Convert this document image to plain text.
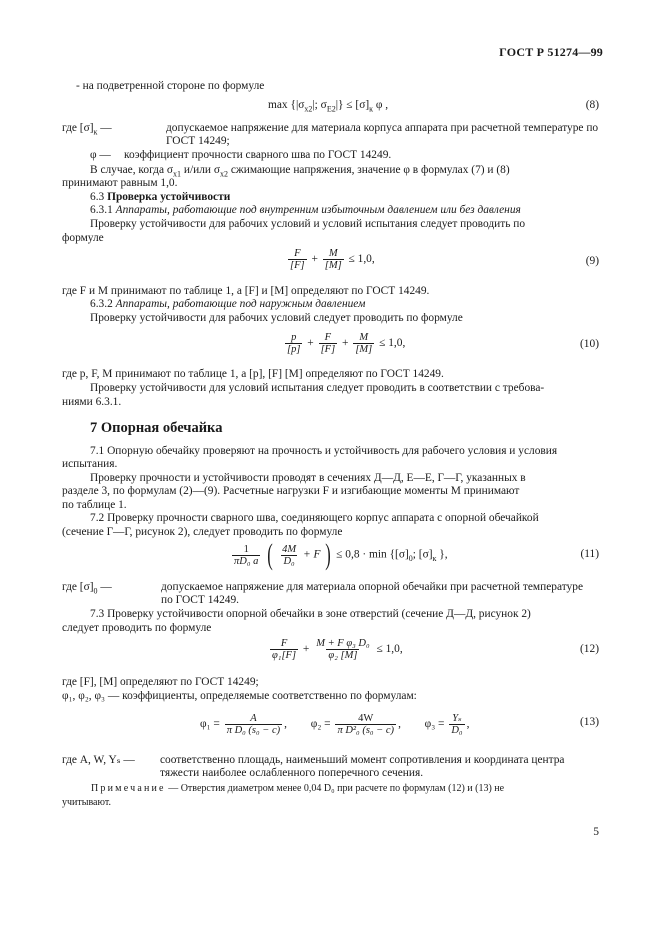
ГОСТ Р 51274—99
- на подветренной стороне по формуле
$\max \{|\sigma_{x2}|$; $\sigma_{E2}|\} \le [\sigma]_к$ φ ,	(8)
где $[\sigma]_к$ —	допускаемое напряжение для материала корпуса аппарата при расчетной температуре по
ГОСТ 14249;
φ — коэффициент прочности сварного шва по ГОСТ 14249.
В случае, когда $\sigma_{x1}$ и/или $\sigma_{x2}$ сжимающие напряжения, значение φ в формулах (7) и (8)
принимают равным 1,0.
6.3 Проверка устойчивости
6.3.1 Аппараты, работающие под внутренним избыточным давлением или без давления
Проверку устойчивости для рабочих условий и условий испытания следует проводить по
формуле
$\frac{F}{[F]} + \frac{M}{[M]} \le 1,0$,	(9)
где F и M принимают по таблице 1, а [F] и [M] определяют по ГОСТ 14249.
6.3.2 Аппараты, работающие под наружным давлением
Проверку устойчивости для рабочих условий следует проводить по формуле
$\frac{p}{[p]} + \frac{F}{[F]} + \frac{M}{[M]} \le 1,0$,	(10)
где p, F, M принимают по таблице 1, а [p], [F] [M] определяют по ГОСТ 14249.
Проверку устойчивости для условий испытания следует проводить в соответствии с требова-
ниями 6.3.1.
7 Опорная обечайка
7.1 Опорную обечайку проверяют на прочность и устойчивость для рабочего условия и условия
испытания.
Проверку прочности и устойчивости проводят в сечениях Д—Д, Е—Е, Г—Г, указанных в
разделе 3, по формулам (2)—(9). Расчетные нагрузки F и изгибающие моменты M принимают
по таблице 1.
7.2 Проверку прочности сварного шва, соединяющего корпус аппарата с опорной обечайкой
(сечение Г—Г, рисунок 2), следует проводить по формуле
$\frac{1}{\text{πD₀ a}}$ ( $\frac{4M}{\text{D₀}} + F$ ) ≤ $0,8 \cdot \min \{[\sigma]_0$; $[\sigma]_к$ },	(11)
где $[\sigma]_0$ —	допускаемое напряжение для материала опорной обечайки при расчетной температуре
по ГОСТ 14249.
7.3 Проверку устойчивости опорной обечайки в зоне отверстий (сечение Д—Д, рисунок 2)
следует проводить по формуле
$\frac{F}{\text{φ₁[F]}} + \frac{\text{M + F φ₃ D₀}}{\text{φ₂ [M]}} \le 1,0$,	(12)
где [F], [M] определяют по ГОСТ 14249;
φ₁, φ₂, φ₃ — коэффициенты, определяемые соответственно по формулам:
$\varphi_1 = \frac{A}{\text{π D₀ (s₀ − c)}}$ , $\varphi_2 = \frac{4W}{\text{π D²₀ (s₀ − c)}}$ , $\varphi_3 = \frac{\text{Yₛ}}{\text{D₀}}$ ,	(13)
где A, W, Yₛ — соответственно площадь, наименьший момент сопротивления и координата центра
тяжести наиболее ослабленного поперечного сечения.
Примечание — Отверстия диаметром менее 0,04 D₀ при расчете по формулам (12) и (13) не
учитывают.
5
